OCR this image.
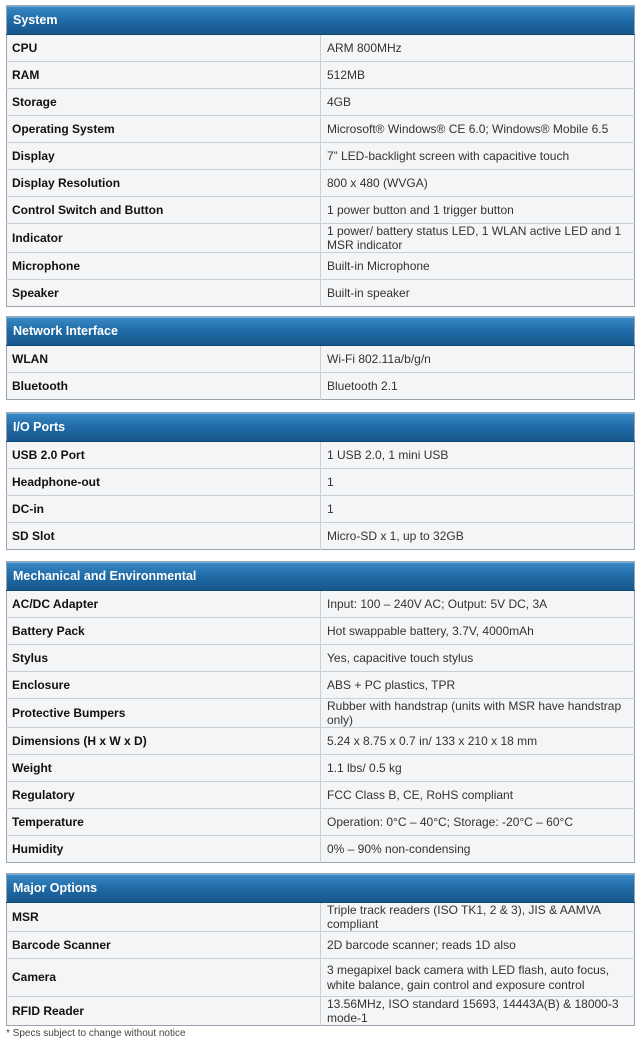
System	
CPU	ARM 800MHz
RAM	512MB
Storage	4GB
Operating System	Microsoft® Windows® CE 6.0; Windows® Mobile 6.5
Display	7” LED-backlight screen with capacitive touch
Display Resolution	800 x 480 (WVGA)
Control Switch and Button	1 power button and 1 trigger button
Indicator	1 power/ battery status LED, 1 WLAN active LED and 1 MSR indicator
Microphone	Built-in Microphone
Speaker	Built-in speaker
Network Interface	
WLAN	Wi-Fi 802.11a/b/g/n
Bluetooth	Bluetooth 2.1
I/O Ports	
USB 2.0 Port	1 USB 2.0, 1 mini USB
Headphone-out	1
DC-in	1
SD Slot	Micro-SD x 1, up to 32GB
Mechanical and Environmental	
AC/DC Adapter	Input: 100 – 240V AC; Output: 5V DC, 3A
Battery Pack	Hot swappable battery, 3.7V, 4000mAh
Stylus	Yes, capacitive touch stylus
Enclosure	ABS + PC plastics, TPR
Protective Bumpers	Rubber with handstrap (units with MSR have handstrap only)
Dimensions (H x W x D)	5.24 x 8.75 x 0.7 in/ 133 x 210 x 18 mm
Weight	1.1 lbs/ 0.5 kg
Regulatory	FCC Class B, CE, RoHS compliant
Temperature	Operation: 0°C – 40°C; Storage: -20°C – 60°C
Humidity	0% – 90% non-condensing
Major Options	
MSR	Triple track readers (ISO TK1, 2 & 3), JIS & AAMVA compliant
Barcode Scanner	2D barcode scanner; reads 1D also
Camera	3 megapixel back camera with LED flash, auto focus, white balance, gain control and exposure control
RFID Reader	13.56MHz, ISO standard 15693, 14443A(B) & 18000-3 mode-1
* Specs subject to change without notice
